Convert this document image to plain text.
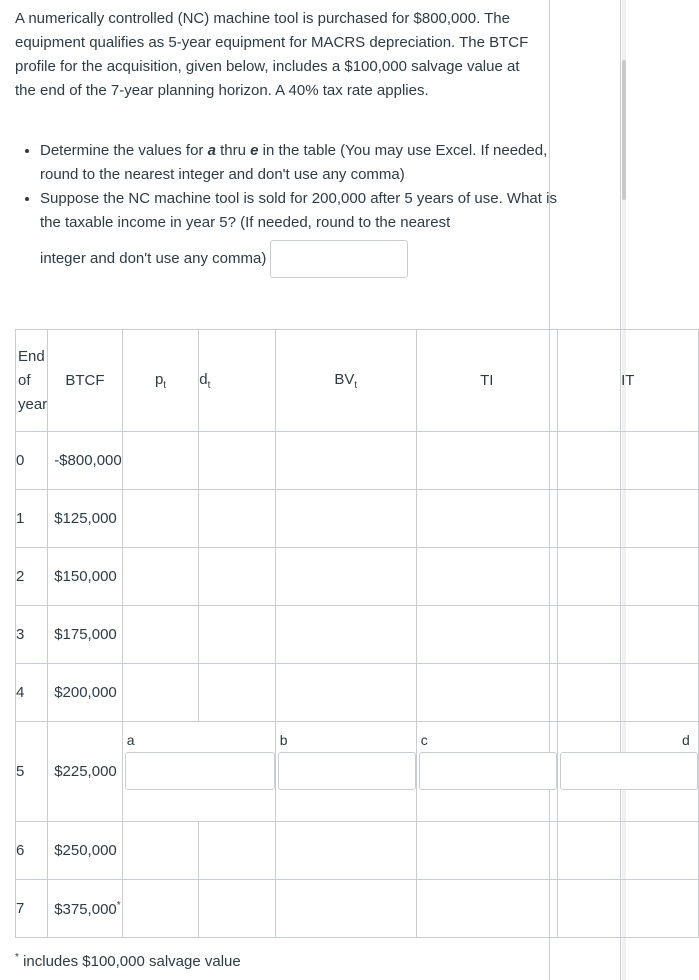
A numerically controlled (NC) machine tool is purchased for $800,000. The equipment qualifies as 5-year equipment for MACRS depreciation. The BTCF profile for the acquisition, given below, includes a $100,000 salvage value at the end of the 7-year planning horizon. A 40% tax rate applies.
• Determine the values for a thru e in the table (You may use Excel. If needed, round to the nearest integer and don't use any comma)
• Suppose the NC machine tool is sold for 200,000 after 5 years of use. What is the taxable income in year 5? (If needed, round to the nearest
integer and don't use any comma)
End
of
year	BTCF	$p_t$	$d_t$	$BV_t$	TI	IT
0	-$800,000					
1	$125,000					
2	$150,000					
3	$175,000					
4	$200,000					
5	$225,000	a		b	c	d

6	$250,000					
7	$375,000*					
* includes $100,000 salvage value
